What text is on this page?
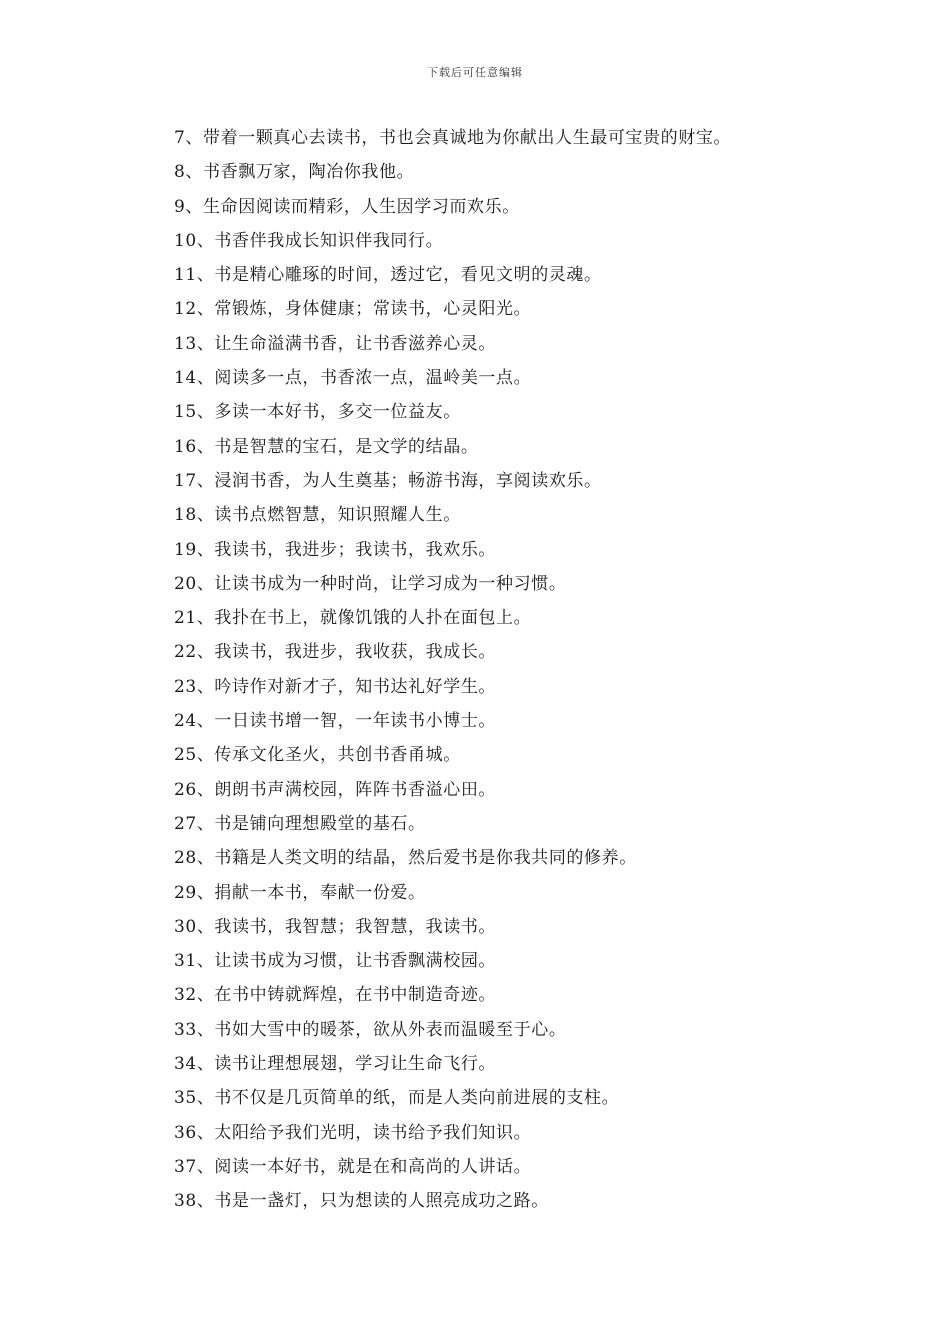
下载后可任意编辑
7、带着一颗真心去读书，书也会真诚地为你献出人生最可宝贵的财宝。
8、书香飘万家，陶冶你我他。
9、生命因阅读而精彩，人生因学习而欢乐。
10、书香伴我成长知识伴我同行。
11、书是精心雕琢的时间，透过它，看见文明的灵魂。
12、常锻炼，身体健康；常读书，心灵阳光。
13、让生命溢满书香，让书香滋养心灵。
14、阅读多一点，书香浓一点，温岭美一点。
15、多读一本好书，多交一位益友。
16、书是智慧的宝石，是文学的结晶。
17、浸润书香，为人生奠基；畅游书海，享阅读欢乐。
18、读书点燃智慧，知识照耀人生。
19、我读书，我进步；我读书，我欢乐。
20、让读书成为一种时尚，让学习成为一种习惯。
21、我扑在书上，就像饥饿的人扑在面包上。
22、我读书，我进步，我收获，我成长。
23、吟诗作对新才子，知书达礼好学生。
24、一日读书增一智，一年读书小博士。
25、传承文化圣火，共创书香甬城。
26、朗朗书声满校园，阵阵书香溢心田。
27、书是铺向理想殿堂的基石。
28、书籍是人类文明的结晶，然后爱书是你我共同的修养。
29、捐献一本书，奉献一份爱。
30、我读书，我智慧；我智慧，我读书。
31、让读书成为习惯，让书香飘满校园。
32、在书中铸就辉煌，在书中制造奇迹。
33、书如大雪中的暖茶，欲从外表而温暖至于心。
34、读书让理想展翅，学习让生命飞行。
35、书不仅是几页简单的纸，而是人类向前进展的支柱。
36、太阳给予我们光明，读书给予我们知识。
37、阅读一本好书，就是在和高尚的人讲话。
38、书是一盏灯，只为想读的人照亮成功之路。
